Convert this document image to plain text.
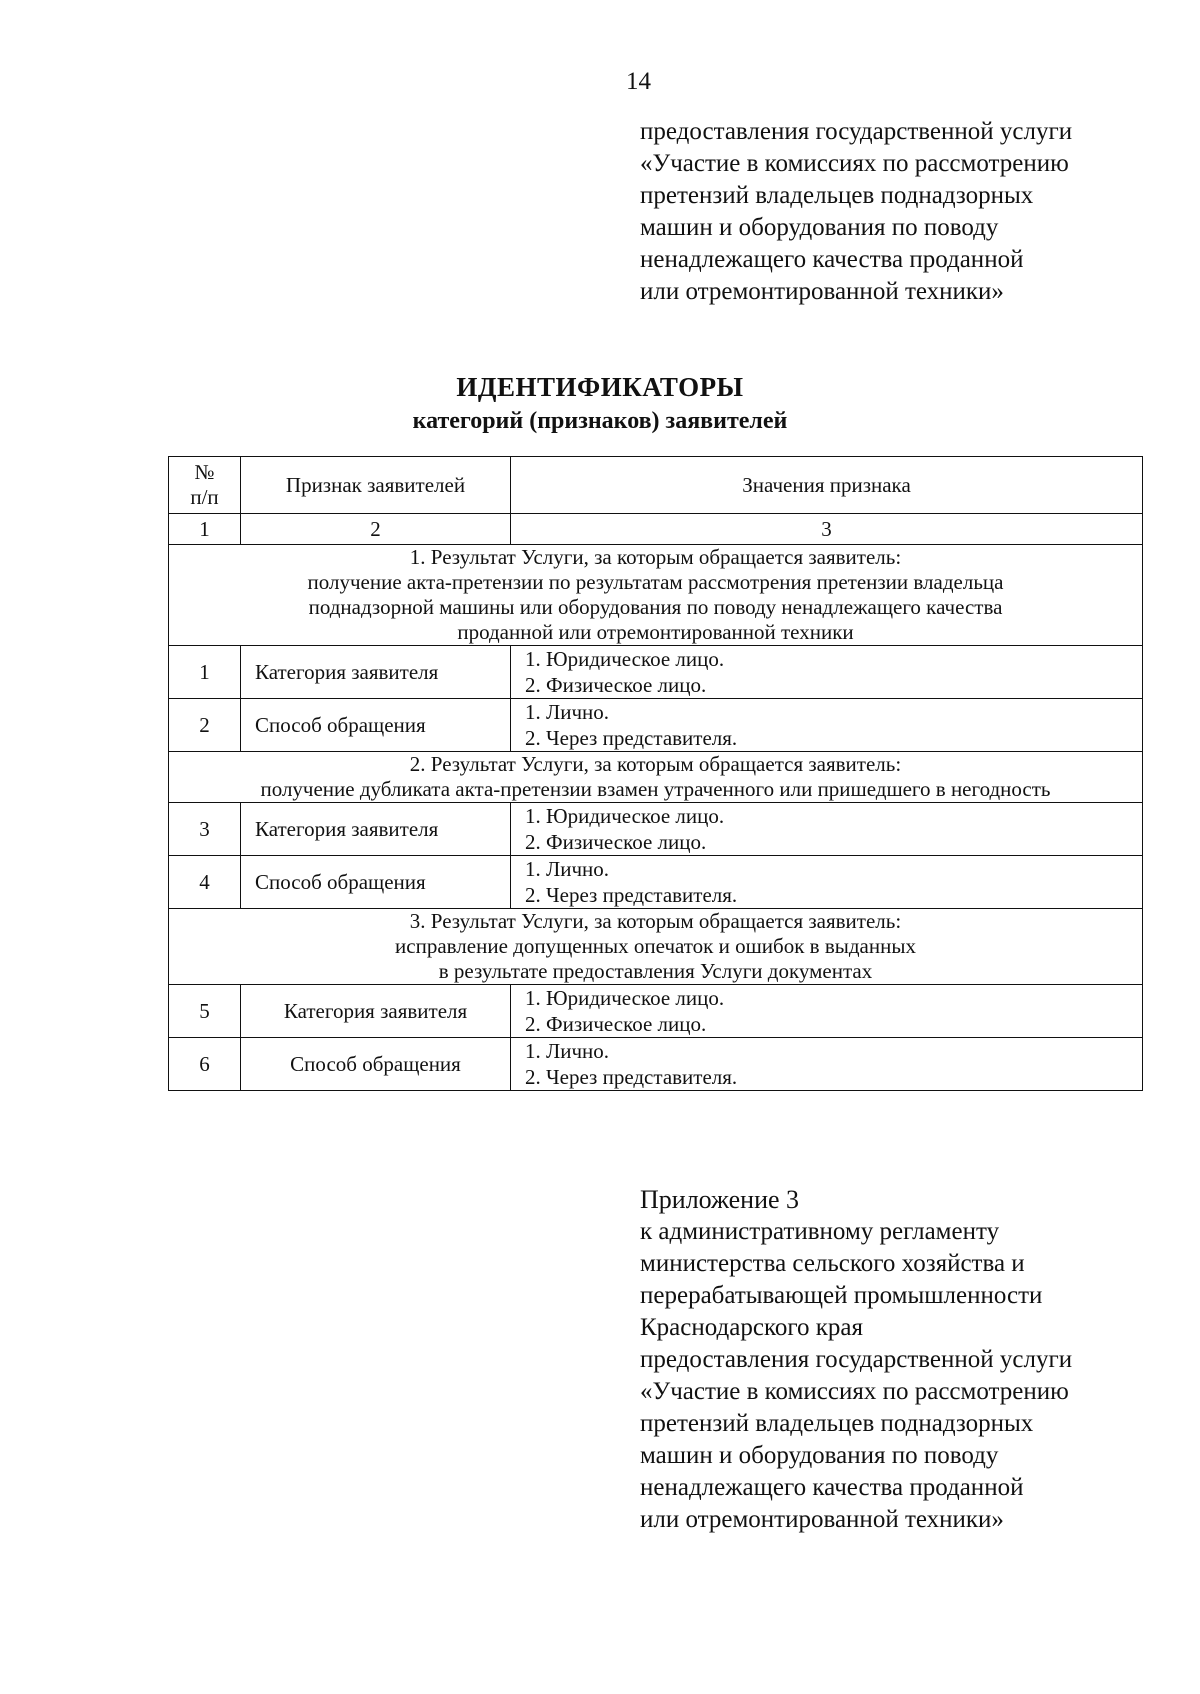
14
предоставления государственной услуги
«Участие в комиссиях по рассмотрению
претензий владельцев поднадзорных
машин и оборудования по поводу
ненадлежащего качества проданной
или отремонтированной техники»
ИДЕНТИФИКАТОРЫ
категорий (признаков) заявителей
№
п/п	Признак заявителей	Значения признака
1	2	3

1. Результат Услуги, за которым обращается заявитель:
получение акта-претензии по результатам рассмотрения претензии владельца
поднадзорной машины или оборудования по поводу ненадлежащего качества
проданной или отремонтированной техники		

1	Категория заявителя	1. Юридическое лицо.
2. Физическое лицо.

2	Способ обращения	1. Лично.
2. Через представителя.

2. Результат Услуги, за которым обращается заявитель:
получение дубликата акта-претензии взамен утраченного или пришедшего в негодность		

3	Категория заявителя	1. Юридическое лицо.
2. Физическое лицо.

4	Способ обращения	1. Лично.
2. Через представителя.

3. Результат Услуги, за которым обращается заявитель:
исправление допущенных опечаток и ошибок в выданных
в результате предоставления Услуги документах		

5	Категория заявителя	1. Юридическое лицо.
2. Физическое лицо.

6	Способ обращения	1. Лично.
2. Через представителя.
Приложение 3
к административному регламенту
министерства сельского хозяйства и
перерабатывающей промышленности
Краснодарского края
предоставления государственной услуги
«Участие в комиссиях по рассмотрению
претензий владельцев поднадзорных
машин и оборудования по поводу
ненадлежащего качества проданной
или отремонтированной техники»
